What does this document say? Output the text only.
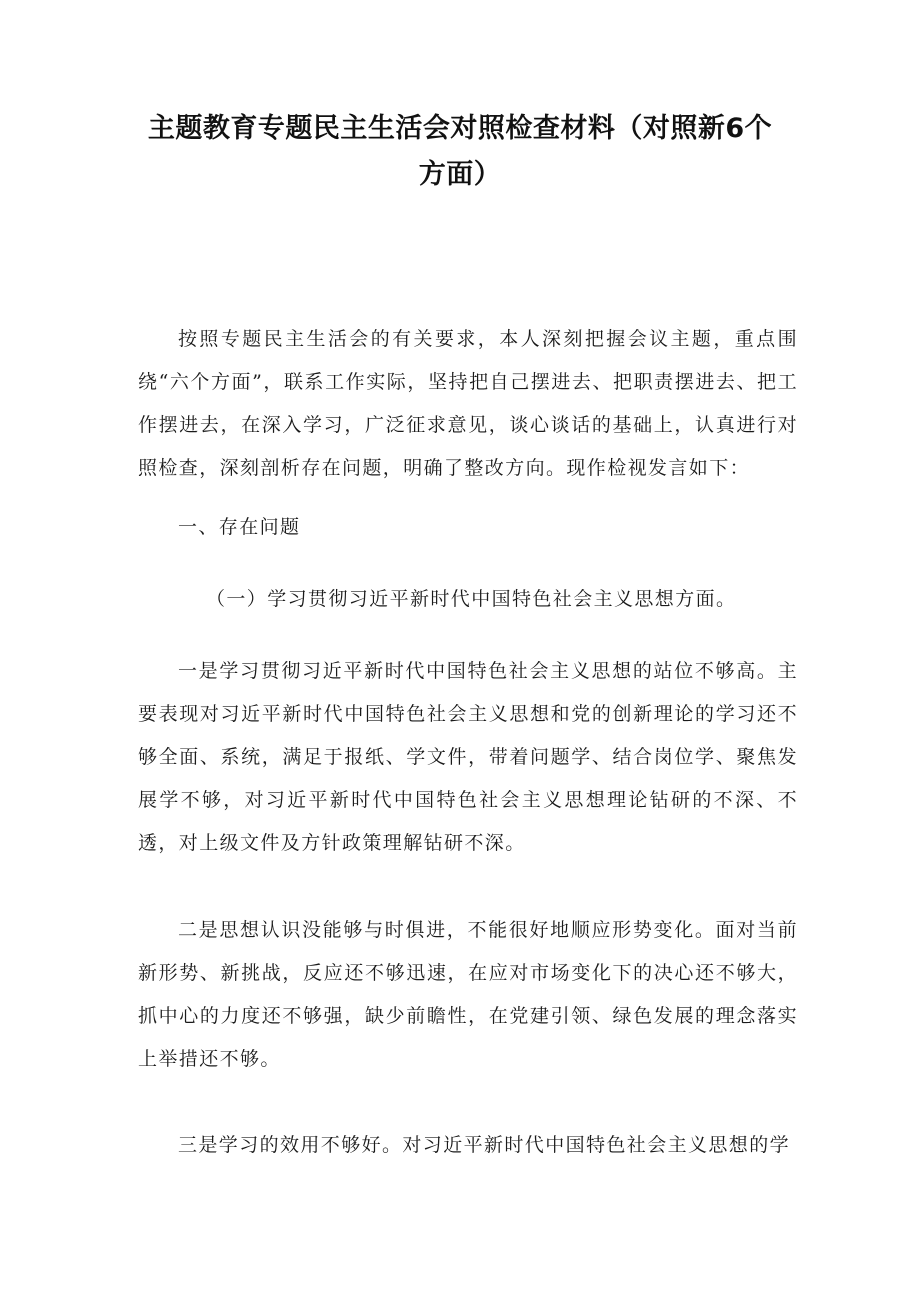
主题教育专题民主生活会对照检查材料（对照新6个
方面）

按照专题民主生活会的有关要求，本人深刻把握会议主题，重点围绕“六个方面”，联系工作实际，坚持把自己摆进去、把职责摆进去、把工作摆进去，在深入学习，广泛征求意见，谈心谈话的基础上，认真进行对照检查，深刻剖析存在问题，明确了整改方向。现作检视发言如下：

一、存在问题

（一）学习贯彻习近平新时代中国特色社会主义思想方面。

一是学习贯彻习近平新时代中国特色社会主义思想的站位不够高。主要表现对习近平新时代中国特色社会主义思想和党的创新理论的学习还不够全面、系统，满足于报纸、学文件，带着问题学、结合岗位学、聚焦发展学不够，对习近平新时代中国特色社会主义思想理论钻研的不深、不透，对上级文件及方针政策理解钻研不深。

二是思想认识没能够与时俱进，不能很好地顺应形势变化。面对当前新形势、新挑战，反应还不够迅速，在应对市场变化下的决心还不够大，抓中心的力度还不够强，缺少前瞻性，在党建引领、绿色发展的理念落实上举措还不够。

三是学习的效用不够好。对习近平新时代中国特色社会主义思想的学
